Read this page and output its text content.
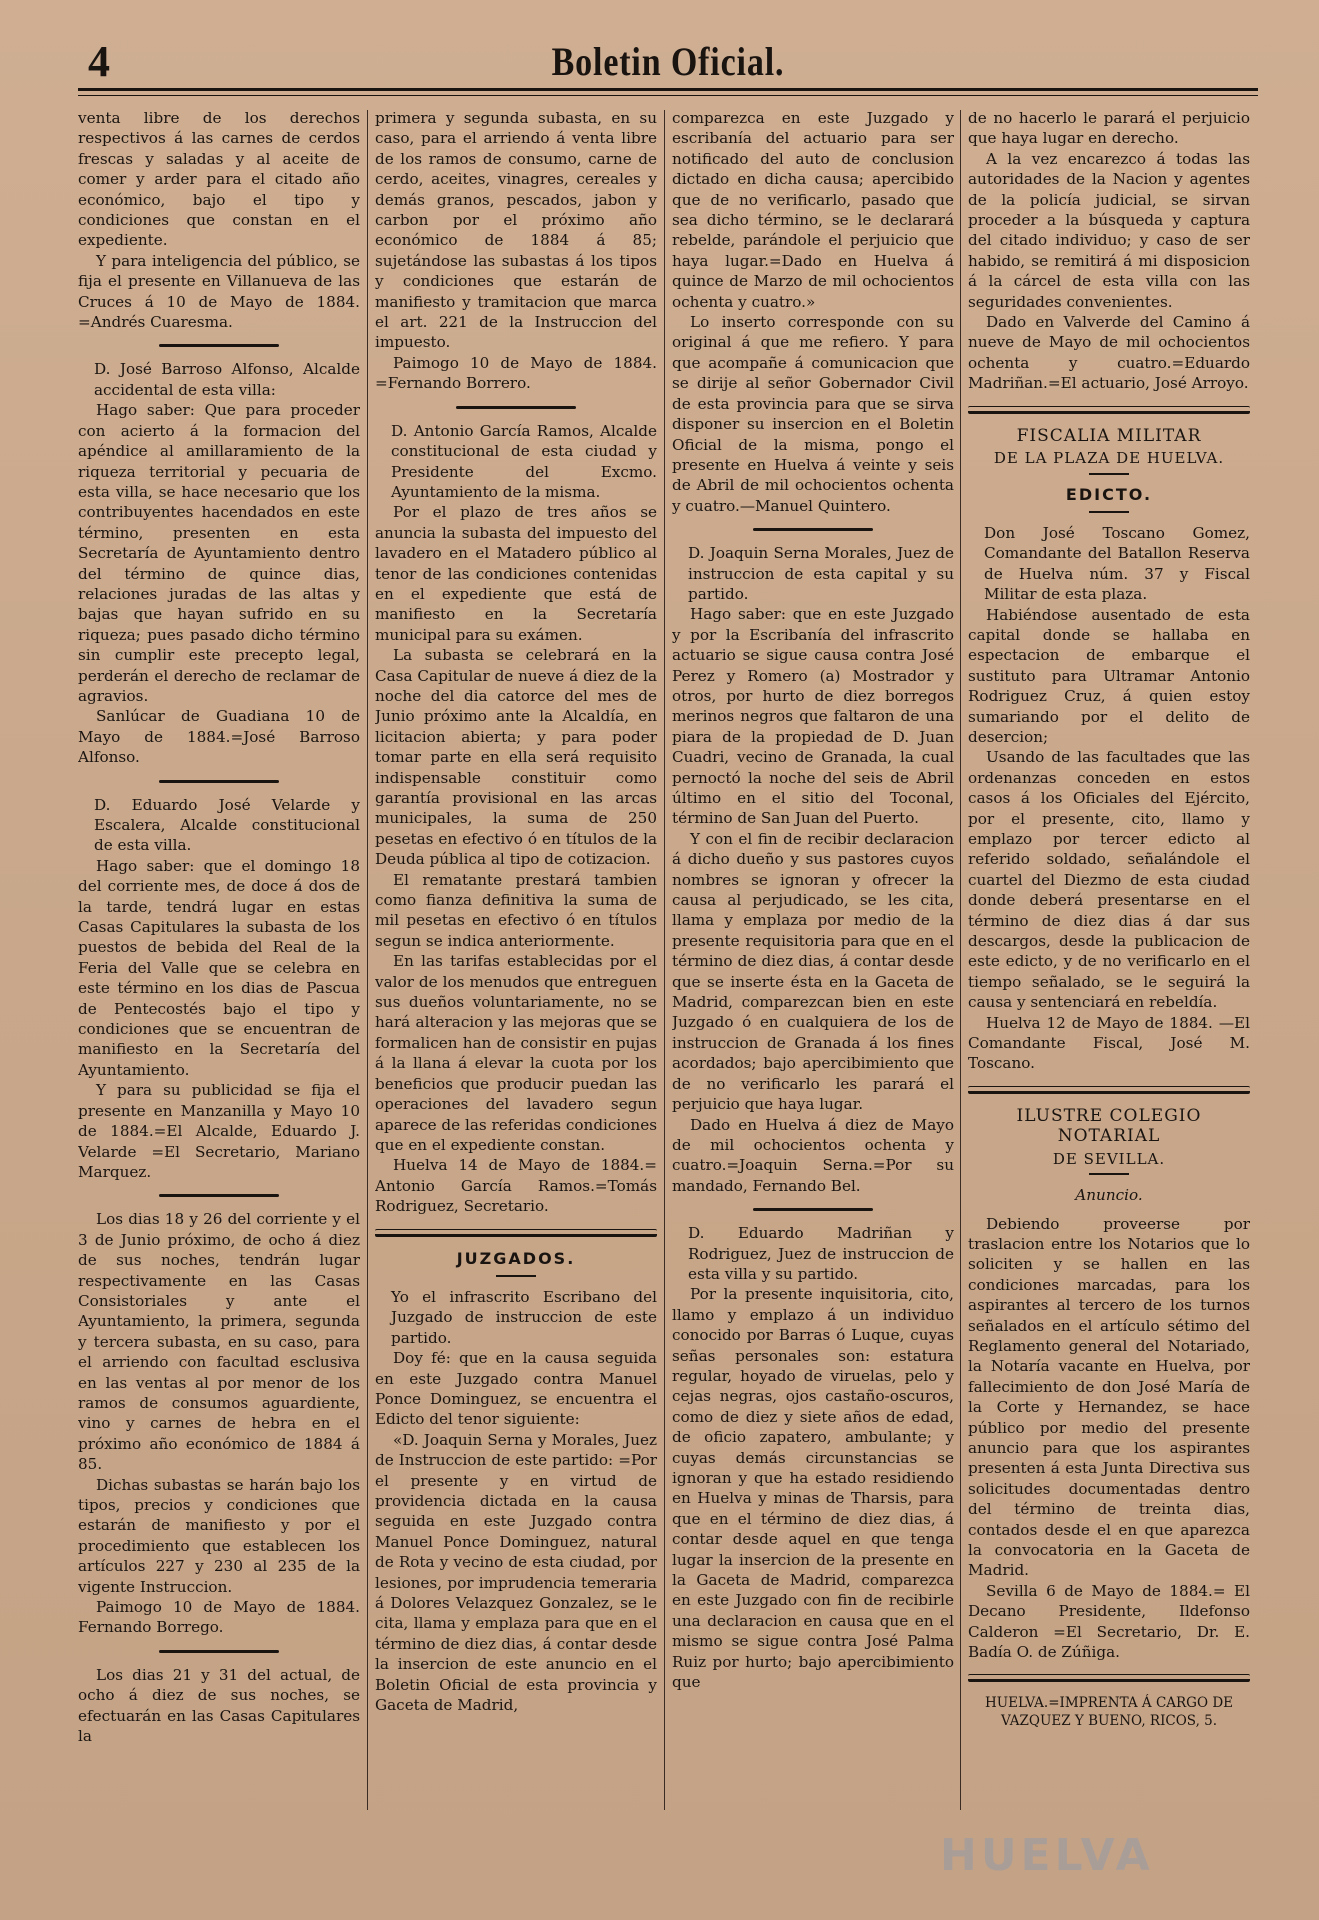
4	Boletin Oficial.

venta libre de los derechos respectivos á las carnes de cerdos frescas y saladas y al aceite de comer y arder para el citado año económico, bajo el tipo y condiciones que constan en el expediente.

Y para inteligencia del público, se fija el presente en Villanueva de las Cruces á 10 de Mayo de 1884. =Andrés Cuaresma.

D. José Barroso Alfonso, Alcalde accidental de esta villa:

Hago saber: Que para proceder con acierto á la formacion del apéndice al amillaramiento de la riqueza territorial y pecuaria de esta villa, se hace necesario que los contribuyentes hacendados en este término, presenten en esta Secretaría de Ayuntamiento dentro del término de quince dias, relaciones juradas de las altas y bajas que hayan sufrido en su riqueza; pues pasado dicho término sin cumplir este precepto legal, perderán el derecho de reclamar de agravios.

Sanlúcar de Guadiana 10 de Mayo de 1884.=José Barroso Alfonso.

D. Eduardo José Velarde y Escalera, Alcalde constitucional de esta villa.

Hago saber: que el domingo 18 del corriente mes, de doce á dos de la tarde, tendrá lugar en estas Casas Capitulares la subasta de los puestos de bebida del Real de la Feria del Valle que se celebra en este término en los dias de Pascua de Pentecostés bajo el tipo y condiciones que se encuentran de manifiesto en la Secretaría del Ayuntamiento.

Y para su publicidad se fija el presente en Manzanilla y Mayo 10 de 1884.=El Alcalde, Eduardo J. Velarde =El Secretario, Mariano Marquez.

Los dias 18 y 26 del corriente y el 3 de Junio próximo, de ocho á diez de sus noches, tendrán lugar respectivamente en las Casas Consistoriales y ante el Ayuntamiento, la primera, segunda y tercera subasta, en su caso, para el arriendo con facultad esclusiva en las ventas al por menor de los ramos de consumos aguardiente, vino y carnes de hebra en el próximo año económico de 1884 á 85.

Dichas subastas se harán bajo los tipos, precios y condiciones que estarán de manifiesto y por el procedimiento que establecen los artículos 227 y 230 al 235 de la vigente Instruccion.

Paimogo 10 de Mayo de 1884. Fernando Borrego.

Los dias 21 y 31 del actual, de ocho á diez de sus noches, se efectuarán en las Casas Capitulares la

primera y segunda subasta, en su caso, para el arriendo á venta libre de los ramos de consumo, carne de cerdo, aceites, vinagres, cereales y demás granos, pescados, jabon y carbon por el próximo año económico de 1884 á 85; sujetándose las subastas á los tipos y condiciones que estarán de manifiesto y tramitacion que marca el art. 221 de la Instruccion del impuesto.

Paimogo 10 de Mayo de 1884. =Fernando Borrero.

D. Antonio García Ramos, Alcalde constitucional de esta ciudad y Presidente del Excmo. Ayuntamiento de la misma.

Por el plazo de tres años se anuncia la subasta del impuesto del lavadero en el Matadero público al tenor de las condiciones contenidas en el expediente que está de manifiesto en la Secretaría municipal para su exámen.

La subasta se celebrará en la Casa Capitular de nueve á diez de la noche del dia catorce del mes de Junio próximo ante la Alcaldía, en licitacion abierta; y para poder tomar parte en ella será requisito indispensable constituir como garantía provisional en las arcas municipales, la suma de 250 pesetas en efectivo ó en títulos de la Deuda pública al tipo de cotizacion.

El rematante prestará tambien como fianza definitiva la suma de mil pesetas en efectivo ó en títulos segun se indica anteriormente.

En las tarifas establecidas por el valor de los menudos que entreguen sus dueños voluntariamente, no se hará alteracion y las mejoras que se formalicen han de consistir en pujas á la llana á elevar la cuota por los beneficios que producir puedan las operaciones del lavadero segun aparece de las referidas condiciones que en el expediente constan.

Huelva 14 de Mayo de 1884.= Antonio García Ramos.=Tomás Rodriguez, Secretario.

JUZGADOS.

Yo el infrascrito Escribano del Juzgado de instruccion de este partido.

Doy fé: que en la causa seguida en este Juzgado contra Manuel Ponce Dominguez, se encuentra el Edicto del tenor siguiente:

«D. Joaquin Serna y Morales, Juez de Instruccion de este partido: =Por el presente y en virtud de providencia dictada en la causa seguida en este Juzgado contra Manuel Ponce Dominguez, natural de Rota y vecino de esta ciudad, por lesiones, por imprudencia temeraria á Dolores Velazquez Gonzalez, se le cita, llama y emplaza para que en el término de diez dias, á contar desde la insercion de este anuncio en el Boletin Oficial de esta provincia y Gaceta de Madrid,

comparezca en este Juzgado y escribanía del actuario para ser notificado del auto de conclusion dictado en dicha causa; apercibido que de no verificarlo, pasado que sea dicho término, se le declarará rebelde, parándole el perjuicio que haya lugar.=Dado en Huelva á quince de Marzo de mil ochocientos ochenta y cuatro.»

Lo inserto corresponde con su original á que me refiero. Y para que acompañe á comunicacion que se dirije al señor Gobernador Civil de esta provincia para que se sirva disponer su insercion en el Boletin Oficial de la misma, pongo el presente en Huelva á veinte y seis de Abril de mil ochocientos ochenta y cuatro.—Manuel Quintero.

D. Joaquin Serna Morales, Juez de instruccion de esta capital y su partido.

Hago saber: que en este Juzgado y por la Escribanía del infrascrito actuario se sigue causa contra José Perez y Romero (a) Mostrador y otros, por hurto de diez borregos merinos negros que faltaron de una piara de la propiedad de D. Juan Cuadri, vecino de Granada, la cual pernoctó la noche del seis de Abril último en el sitio del Toconal, término de San Juan del Puerto.

Y con el fin de recibir declaracion á dicho dueño y sus pastores cuyos nombres se ignoran y ofrecer la causa al perjudicado, se les cita, llama y emplaza por medio de la presente requisitoria para que en el término de diez dias, á contar desde que se inserte ésta en la Gaceta de Madrid, comparezcan bien en este Juzgado ó en cualquiera de los de instruccion de Granada á los fines acordados; bajo apercibimiento que de no verificarlo les parará el perjuicio que haya lugar.

Dado en Huelva á diez de Mayo de mil ochocientos ochenta y cuatro.=Joaquin Serna.=Por su mandado, Fernando Bel.

D. Eduardo Madriñan y Rodriguez, Juez de instruccion de esta villa y su partido.

Por la presente inquisitoria, cito, llamo y emplazo á un individuo conocido por Barras ó Luque, cuyas señas personales son: estatura regular, hoyado de viruelas, pelo y cejas negras, ojos castaño-oscuros, como de diez y siete años de edad, de oficio zapatero, ambulante; y cuyas demás circunstancias se ignoran y que ha estado residiendo en Huelva y minas de Tharsis, para que en el término de diez dias, á contar desde aquel en que tenga lugar la insercion de la presente en la Gaceta de Madrid, comparezca en este Juzgado con fin de recibirle una declaracion en causa que en el mismo se sigue contra José Palma Ruiz por hurto; bajo apercibimiento que

de no hacerlo le parará el perjuicio que haya lugar en derecho.

A la vez encarezco á todas las autoridades de la Nacion y agentes de la policía judicial, se sirvan proceder a la búsqueda y captura del citado individuo; y caso de ser habido, se remitirá á mi disposicion á la cárcel de esta villa con las seguridades convenientes.

Dado en Valverde del Camino á nueve de Mayo de mil ochocientos ochenta y cuatro.=Eduardo Madriñan.=El actuario, José Arroyo.

FISCALIA MILITAR
DE LA PLAZA DE HUELVA.
EDICTO.

Don José Toscano Gomez, Comandante del Batallon Reserva de Huelva núm. 37 y Fiscal Militar de esta plaza.

Habiéndose ausentado de esta capital donde se hallaba en espectacion de embarque el sustituto para Ultramar Antonio Rodriguez Cruz, á quien estoy sumariando por el delito de desercion;

Usando de las facultades que las ordenanzas conceden en estos casos á los Oficiales del Ejército, por el presente, cito, llamo y emplazo por tercer edicto al referido soldado, señalándole el cuartel del Diezmo de esta ciudad donde deberá presentarse en el término de diez dias á dar sus descargos, desde la publicacion de este edicto, y de no verificarlo en el tiempo señalado, se le seguirá la causa y sentenciará en rebeldía.

Huelva 12 de Mayo de 1884. —El Comandante Fiscal, José M. Toscano.

ILUSTRE COLEGIO NOTARIAL
DE SEVILLA.
Anuncio.

Debiendo proveerse por traslacion entre los Notarios que lo soliciten y se hallen en las condiciones marcadas, para los aspirantes al tercero de los turnos señalados en el artículo sétimo del Reglamento general del Notariado, la Notaría vacante en Huelva, por fallecimiento de don José María de la Corte y Hernandez, se hace público por medio del presente anuncio para que los aspirantes presenten á esta Junta Directiva sus solicitudes documentadas dentro del término de treinta dias, contados desde el en que aparezca la convocatoria en la Gaceta de Madrid.

Sevilla 6 de Mayo de 1884.= El Decano Presidente, Ildefonso Calderon =El Secretario, Dr. E. Badía O. de Zúñiga.

HUELVA.=IMPRENTA Á CARGO DE VAZQUEZ Y BUENO, RICOS, 5.
HUELVA
